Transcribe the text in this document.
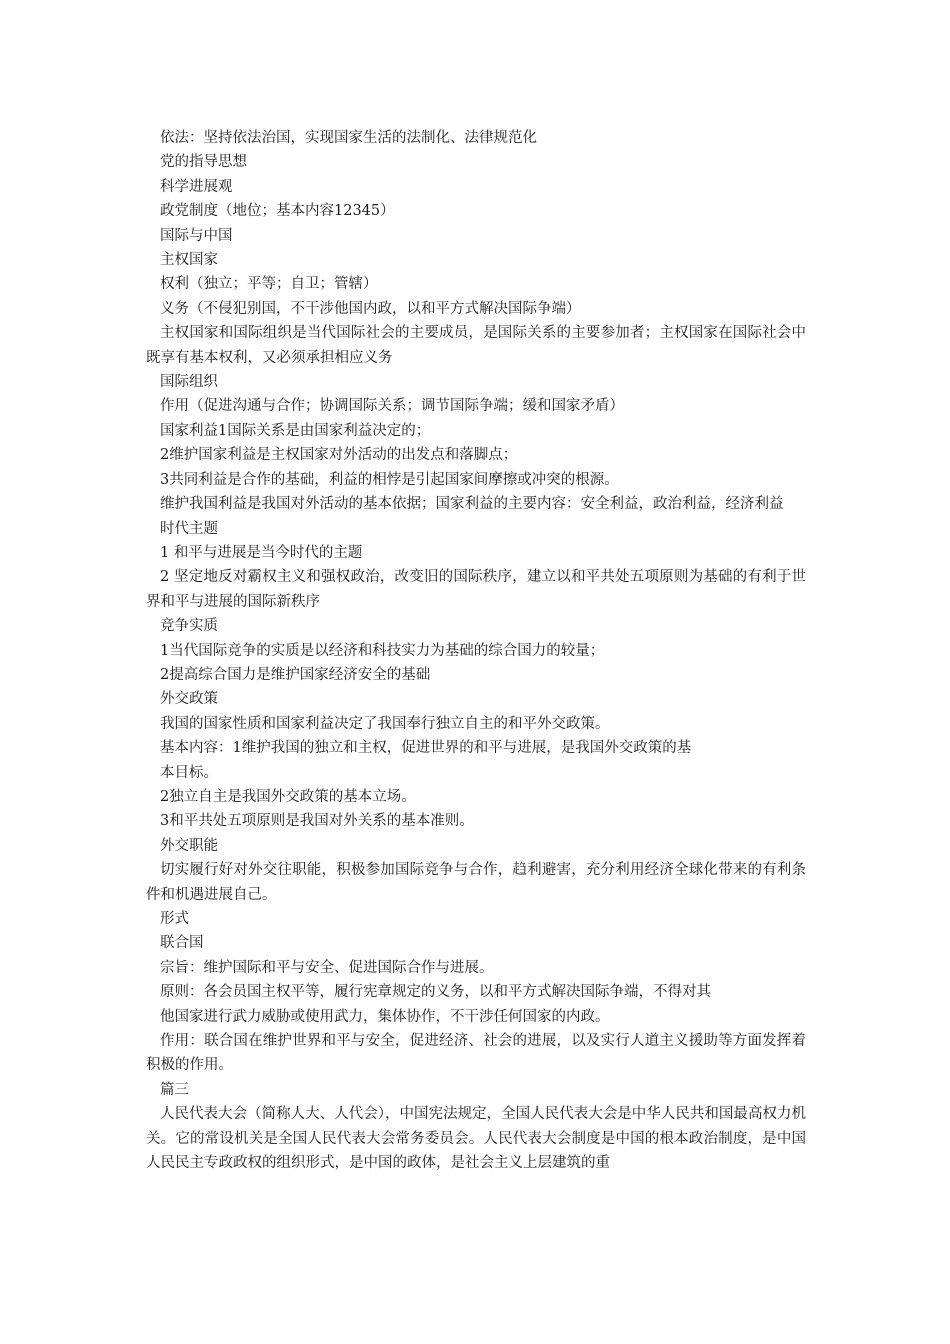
依法：坚持依法治国，实现国家生活的法制化、法律规范化

党的指导思想

科学进展观

政党制度（地位；基本内容12345）

国际与中国

主权国家

权利（独立；平等；自卫；管辖）

义务（不侵犯别国，不干涉他国内政，以和平方式解决国际争端）

主权国家和国际组织是当代国际社会的主要成员，是国际关系的主要参加者；主权国家在国际社会中既享有基本权利，又必须承担相应义务

国际组织

作用（促进沟通与合作；协调国际关系；调节国际争端；缓和国家矛盾）

国家利益1国际关系是由国家利益决定的；

2维护国家利益是主权国家对外活动的出发点和落脚点；

3共同利益是合作的基础，利益的相悖是引起国家间摩擦或冲突的根源。

维护我国利益是我国对外活动的基本依据；国家利益的主要内容：安全利益，政治利益，经济利益

时代主题

1 和平与进展是当今时代的主题

2 坚定地反对霸权主义和强权政治，改变旧的国际秩序，建立以和平共处五项原则为基础的有利于世界和平与进展的国际新秩序

竞争实质

1当代国际竞争的实质是以经济和科技实力为基础的综合国力的较量；

2提高综合国力是维护国家经济安全的基础

外交政策

我国的国家性质和国家利益决定了我国奉行独立自主的和平外交政策。

基本内容：1维护我国的独立和主权，促进世界的和平与进展，是我国外交政策的基

本目标。

2独立自主是我国外交政策的基本立场。

3和平共处五项原则是我国对外关系的基本准则。

外交职能

切实履行好对外交往职能，积极参加国际竞争与合作，趋利避害，充分利用经济全球化带来的有利条件和机遇进展自己。

形式

联合国

宗旨：维护国际和平与安全、促进国际合作与进展。

原则：各会员国主权平等，履行宪章规定的义务，以和平方式解决国际争端，不得对其

他国家进行武力威胁或使用武力，集体协作，不干涉任何国家的内政。

作用：联合国在维护世界和平与安全，促进经济、社会的进展，以及实行人道主义援助等方面发挥着积极的作用。

篇三

人民代表大会（简称人大、人代会），中国宪法规定，全国人民代表大会是中华人民共和国最高权力机关。它的常设机关是全国人民代表大会常务委员会。人民代表大会制度是中国的根本政治制度，是中国人民民主专政政权的组织形式，是中国的政体，是社会主义上层建筑的重
